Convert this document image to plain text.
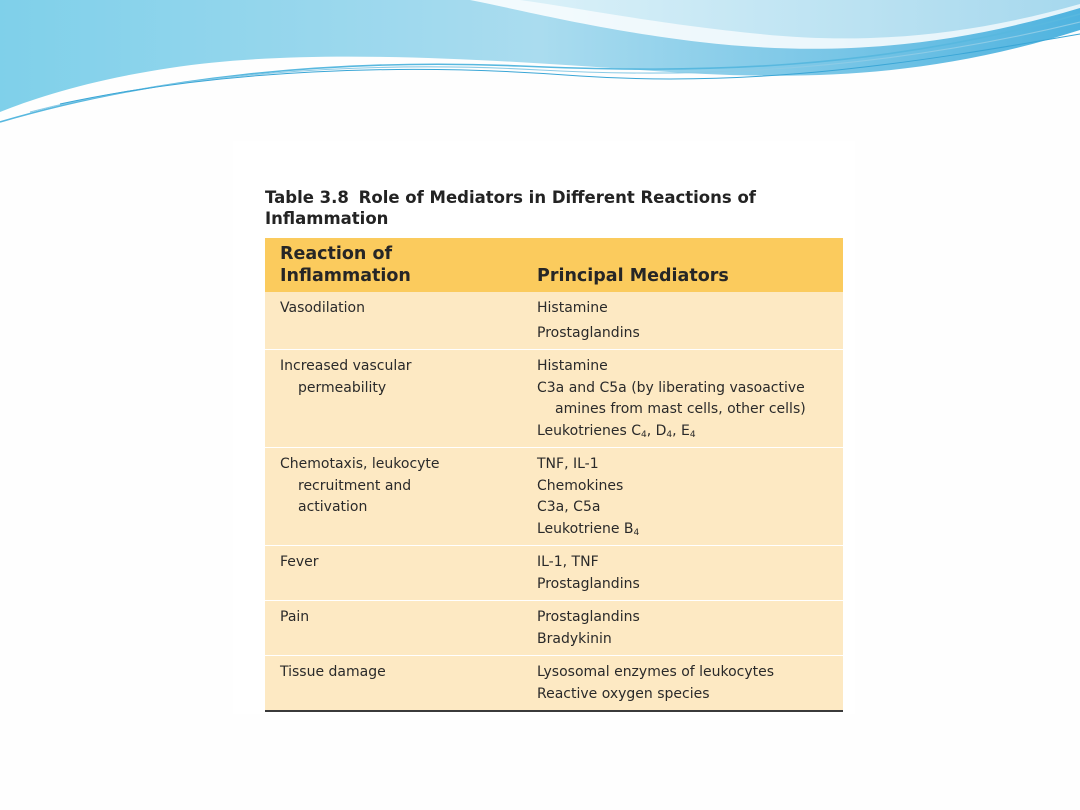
Table 3.8 Role of Mediators in Different Reactions of Inflammation
Reaction of
Inflammation	Principal Mediators

Vasodilation	Histamine
Prostaglandins

Increased vascular
permeability	Histamine
C3a and C5a (by liberating vasoactive
amines from mast cells, other cells)
Leukotrienes $C_4$, $D_4$, $E_4$

Chemotaxis, leukocyte
recruitment and
activation	TNF, IL-1
Chemokines
C3a, C5a
Leukotriene $B_4$

Fever	IL-1, TNF
Prostaglandins

Pain	Prostaglandins
Bradykinin

Tissue damage	Lysosomal enzymes of leukocytes
Reactive oxygen species
